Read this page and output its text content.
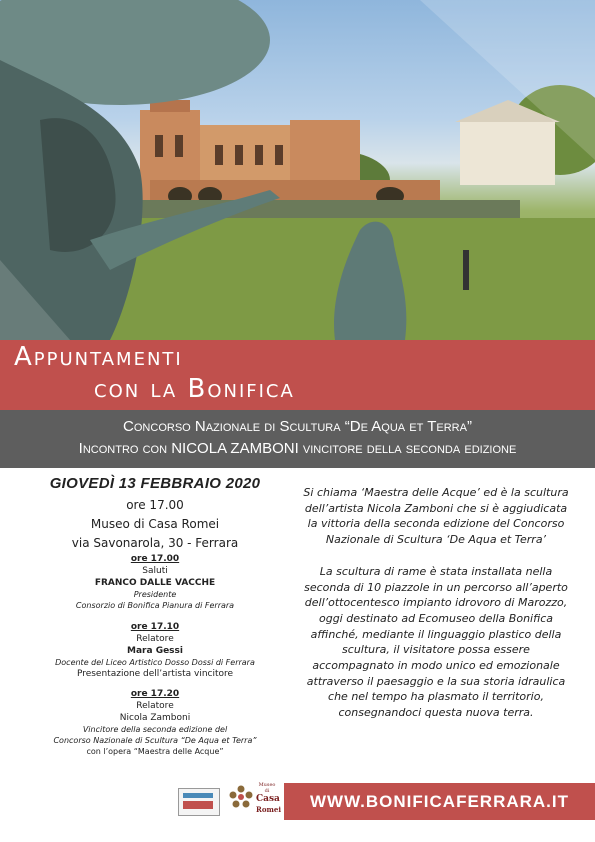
Appuntamenti
con la Bonifica
Concorso Nazionale di Scultura “De Aqua et Terra”
Incontro con NICOLA ZAMBONI vincitore della seconda edizione
GIOVEDÌ 13 FEBBRAIO 2020
ore 17.00
Museo di Casa Romei
via Savonarola, 30 - Ferrara
ore 17.00
Saluti
FRANCO DALLE VACCHE
Presidente
Consorzio di Bonifica Pianura di Ferrara
ore 17.10
Relatore
Mara Gessi
Docente del Liceo Artistico Dosso Dossi di Ferrara
Presentazione dell’artista vincitore
ore 17.20
Relatore
Nicola Zamboni
Vincitore della seconda edizione del
Concorso Nazionale di Scultura “De Aqua et Terra”
con l’opera “Maestra delle Acque”

Si chiama ‘Maestra delle Acque’ ed è la scultura dell’artista Nicola Zamboni che si è aggiudicata la vittoria della seconda edizione del Concorso Nazionale di Scultura ‘De Aqua et Terra’

La scultura di rame è stata installata nella seconda di 10 piazzole in un percorso all’aperto dell’ottocentesco impianto idrovoro di Marozzo, oggi destinato ad Ecomuseo della Bonifica affinché, mediante il linguaggio plastico della scultura, il visitatore possa essere accompagnato in modo unico ed emozionale attraverso il paesaggio e la sua storia idraulica che nel tempo ha plasmato il territorio, consegnandoci questa nuova terra.

Museo di
Casa
Romei	WWW.BONIFICAFERRARA.IT
